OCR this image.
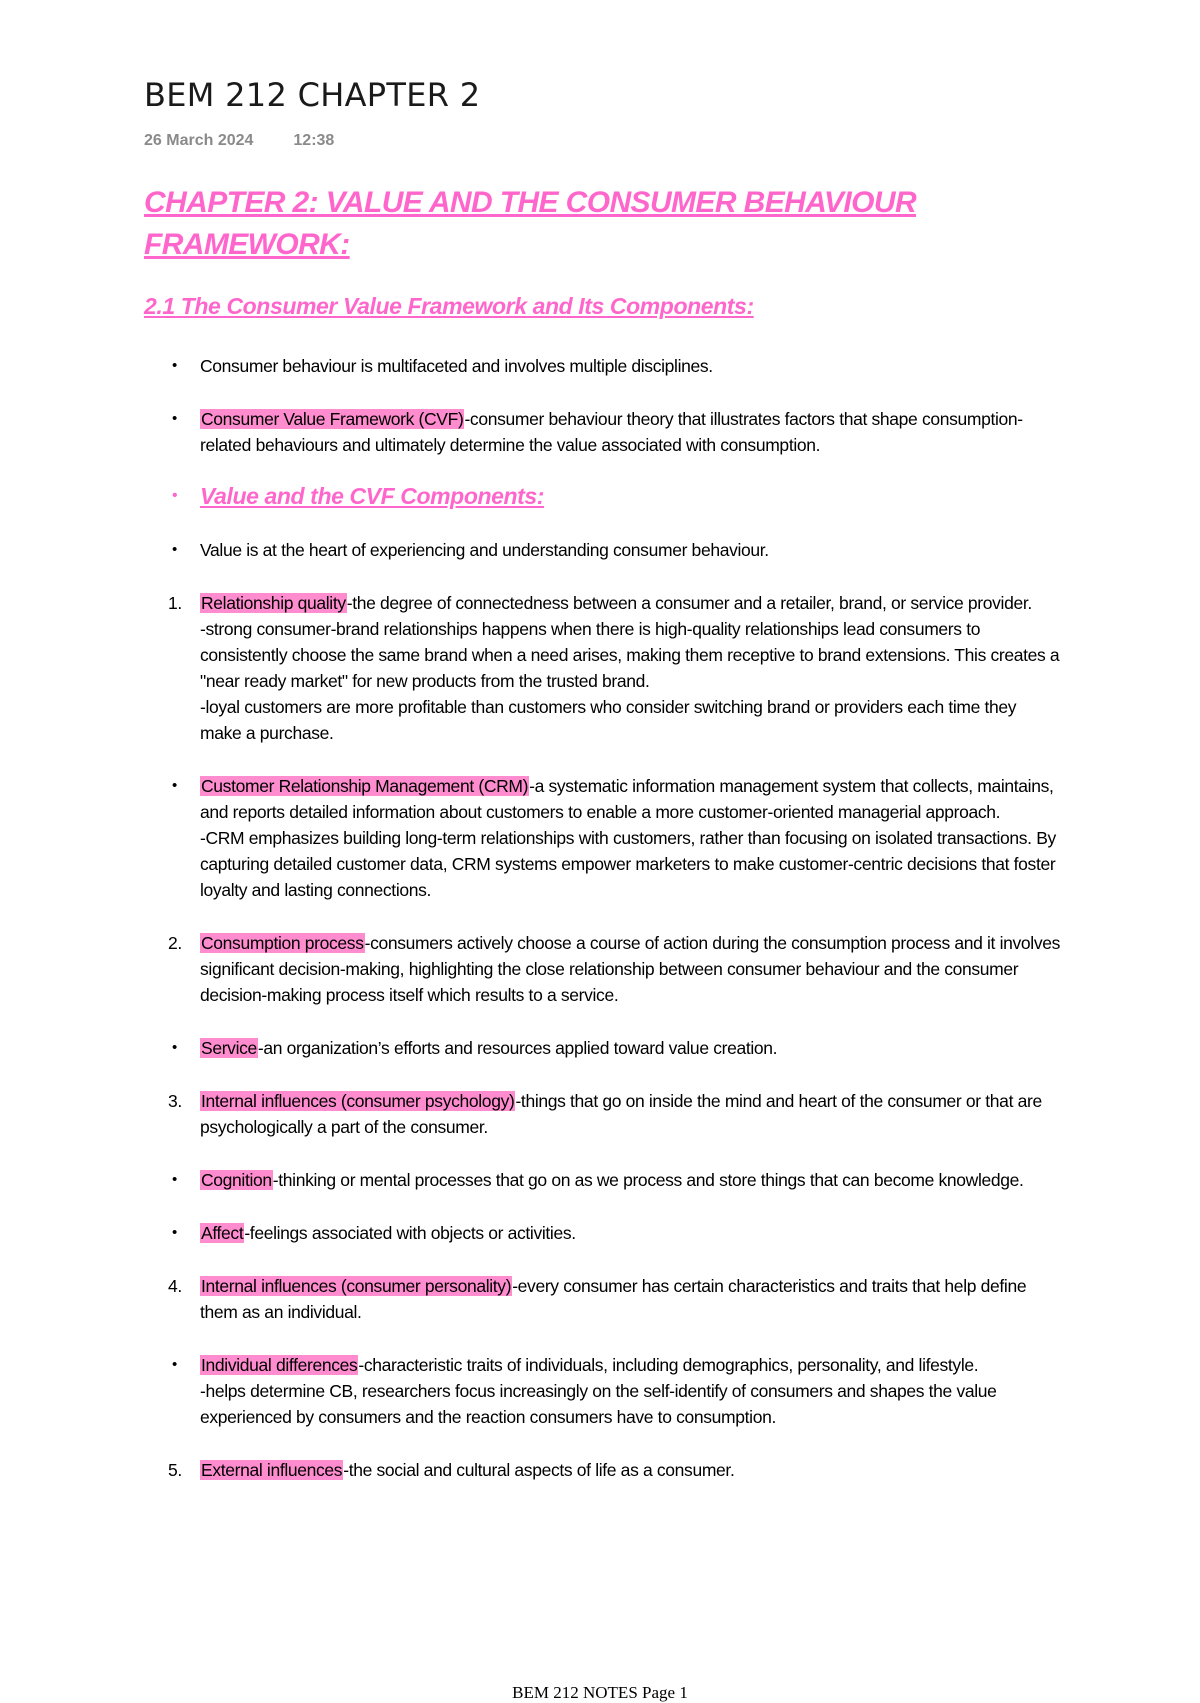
BEM 212 CHAPTER 2
26 March 2024	12:38
CHAPTER 2: VALUE AND THE CONSUMER BEHAVIOUR FRAMEWORK:
2.1 The Consumer Value Framework and Its Components:
•	Consumer behaviour is multifaceted and involves multiple disciplines.
•	Consumer Value Framework (CVF)-consumer behaviour theory that illustrates factors that shape consumption-related behaviours and ultimately determine the value associated with consumption.
•	Value and the CVF Components:
•	Value is at the heart of experiencing and understanding consumer behaviour.
1.	Relationship quality-the degree of connectedness between a consumer and a retailer, brand, or service provider.
-strong consumer-brand relationships happens when there is high-quality relationships lead consumers to consistently choose the same brand when a need arises, making them receptive to brand extensions. This creates a "near ready market" for new products from the trusted brand.
-loyal customers are more profitable than customers who consider switching brand or providers each time they make a purchase.
•	Customer Relationship Management (CRM)-a systematic information management system that collects, maintains, and reports detailed information about customers to enable a more customer-oriented managerial approach.
-CRM emphasizes building long-term relationships with customers, rather than focusing on isolated transactions. By capturing detailed customer data, CRM systems empower marketers to make customer-centric decisions that foster loyalty and lasting connections.
2.	Consumption process-consumers actively choose a course of action during the consumption process and it involves significant decision-making, highlighting the close relationship between consumer behaviour and the consumer decision-making process itself which results to a service.
•	Service-an organization’s efforts and resources applied toward value creation.
3.	Internal influences (consumer psychology)-things that go on inside the mind and heart of the consumer or that are psychologically a part of the consumer.
•	Cognition-thinking or mental processes that go on as we process and store things that can become knowledge.
•	Affect-feelings associated with objects or activities.
4.	Internal influences (consumer personality)-every consumer has certain characteristics and traits that help define them as an individual.
•	Individual differences-characteristic traits of individuals, including demographics, personality, and lifestyle.
-helps determine CB, researchers focus increasingly on the self-identify of consumers and shapes the value experienced by consumers and the reaction consumers have to consumption.
5.	External influences-the social and cultural aspects of life as a consumer.
BEM 212 NOTES Page 1
